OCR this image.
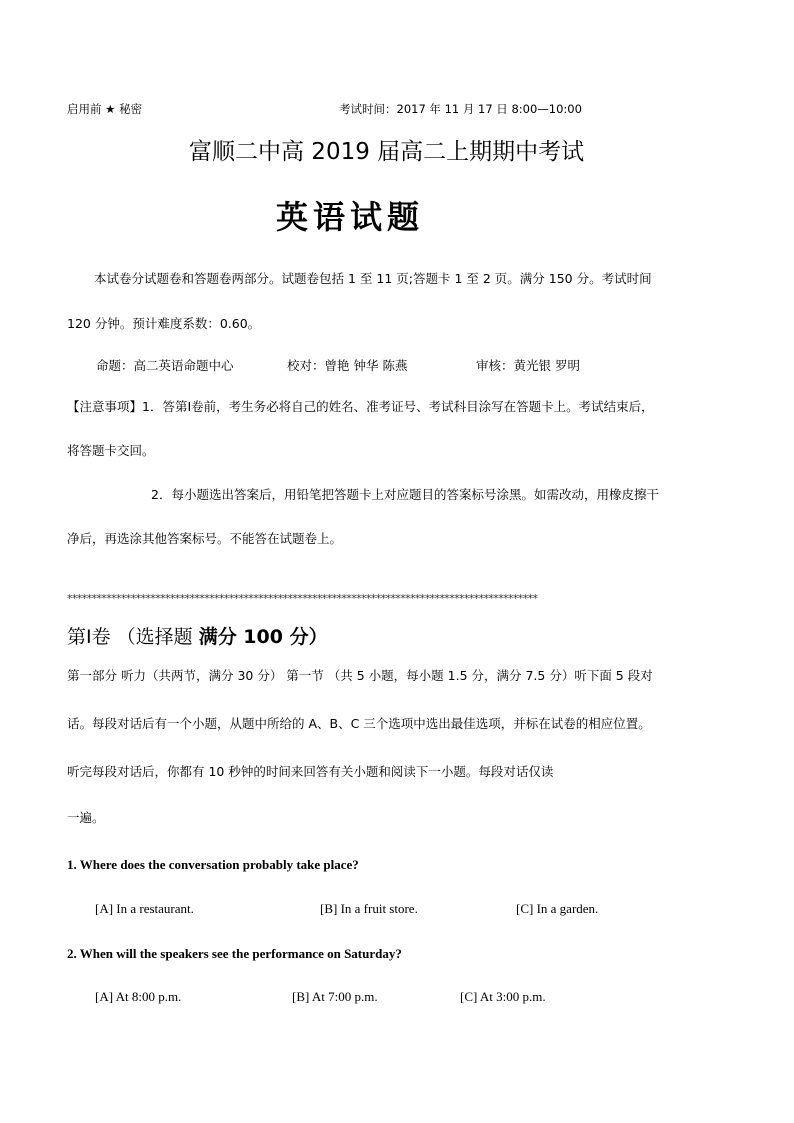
启用前 ★ 秘密	考试时间：2017 年 11 月 17 日 8:00—10:00
富顺二中高 2019 届高二上期期中考试
英语试题
本试卷分试题卷和答题卷两部分。试题卷包括 1 至 11 页;答题卡 1 至 2 页。满分 150 分。考试时间
120 分钟。预计难度系数：0.60。
命题：高二英语命题中心	校对：曾艳 钟华 陈燕	审核：黄光银 罗明
【注意事项】1．答第Ⅰ卷前，考生务必将自己的姓名、准考证号、考试科目涂写在答题卡上。考试结束后，
将答题卡交回。
2．每小题选出答案后，用铅笔把答题卡上对应题目的答案标号涂黑。如需改动，用橡皮擦干
净后，再选涂其他答案标号。不能答在试题卷上。
************************************************************************************************
第Ⅰ卷 （选择题 满分 100 分）
第一部分 听力（共两节，满分 30 分） 第一节 （共 5 小题，每小题 1.5 分，满分 7.5 分）听下面 5 段对
话。每段对话后有一个小题，从题中所给的 A、B、C 三个选项中选出最佳选项，并标在试卷的相应位置。
听完每段对话后，你都有 10 秒钟的时间来回答有关小题和阅读下一小题。每段对话仅读
一遍。
1. Where does the conversation probably take place?
[A] In a restaurant.	[B] In a fruit store.	[C] In a garden.
2. When will the speakers see the performance on Saturday?
[A] At 8:00 p.m.	[B] At 7:00 p.m.	[C] At 3:00 p.m.
